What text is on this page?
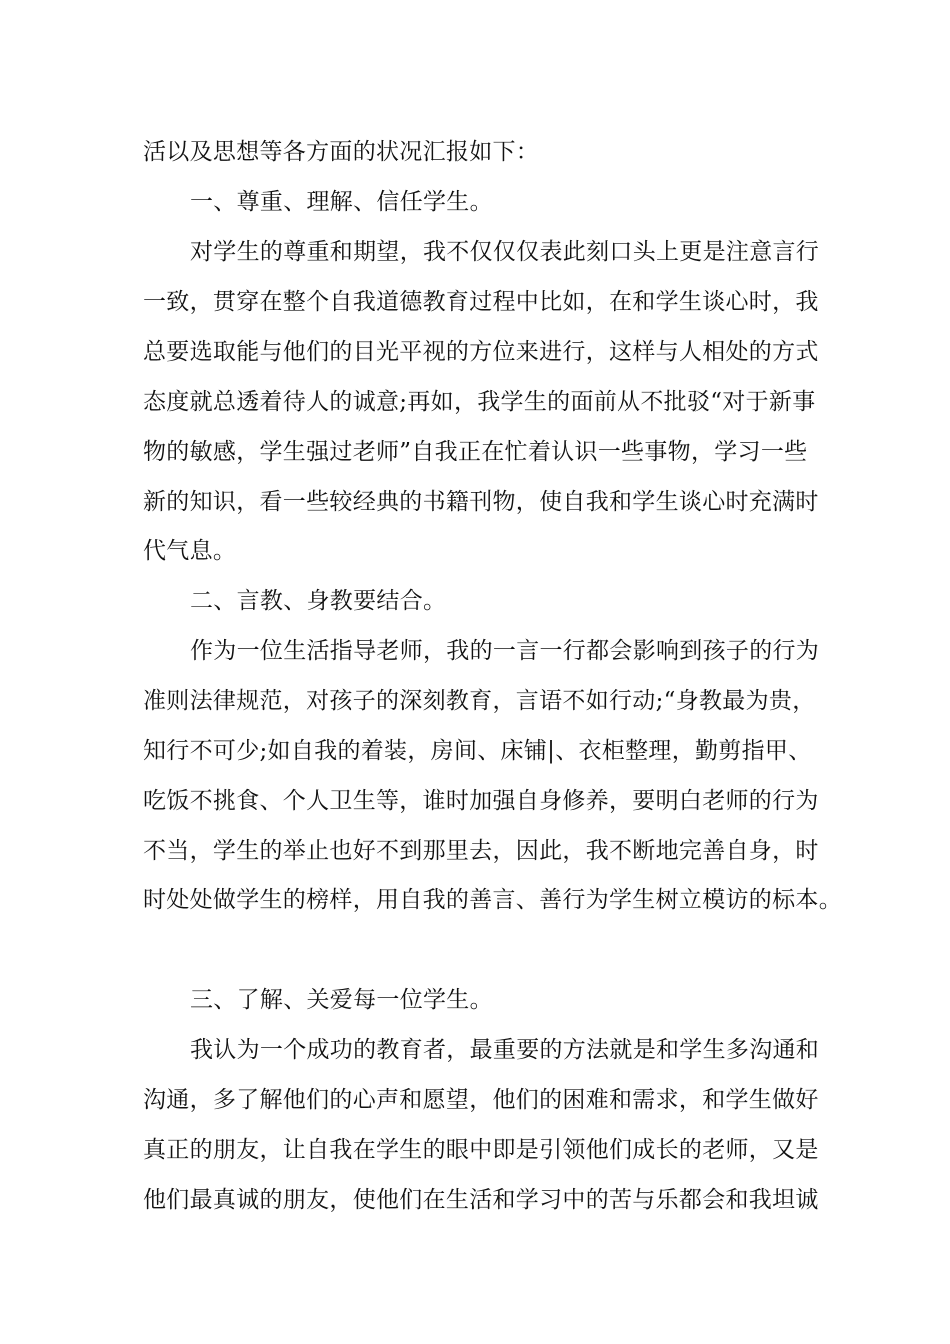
活以及思想等各方面的状况汇报如下：
一、尊重、理解、信任学生。
对学生的尊重和期望，我不仅仅仅表此刻口头上更是注意言行
一致，贯穿在整个自我道德教育过程中比如，在和学生谈心时，我
总要选取能与他们的目光平视的方位来进行，这样与人相处的方式
态度就总透着待人的诚意;再如，我学生的面前从不批驳“对于新事
物的敏感，学生强过老师”自我正在忙着认识一些事物，学习一些
新的知识，看一些较经典的书籍刊物，使自我和学生谈心时充满时
代气息。
二、言教、身教要结合。
作为一位生活指导老师，我的一言一行都会影响到孩子的行为
准则法律规范，对孩子的深刻教育，言语不如行动;“身教最为贵，
知行不可少;如自我的着装，房间、床铺|、衣柜整理，勤剪指甲、
吃饭不挑食、个人卫生等，谁时加强自身修养，要明白老师的行为
不当，学生的举止也好不到那里去，因此，我不断地完善自身，时
时处处做学生的榜样，用自我的善言、善行为学生树立模访的标本。
三、了解、关爱每一位学生。
我认为一个成功的教育者，最重要的方法就是和学生多沟通和
沟通，多了解他们的心声和愿望，他们的困难和需求，和学生做好
真正的朋友，让自我在学生的眼中即是引领他们成长的老师，又是
他们最真诚的朋友，使他们在生活和学习中的苦与乐都会和我坦诚
